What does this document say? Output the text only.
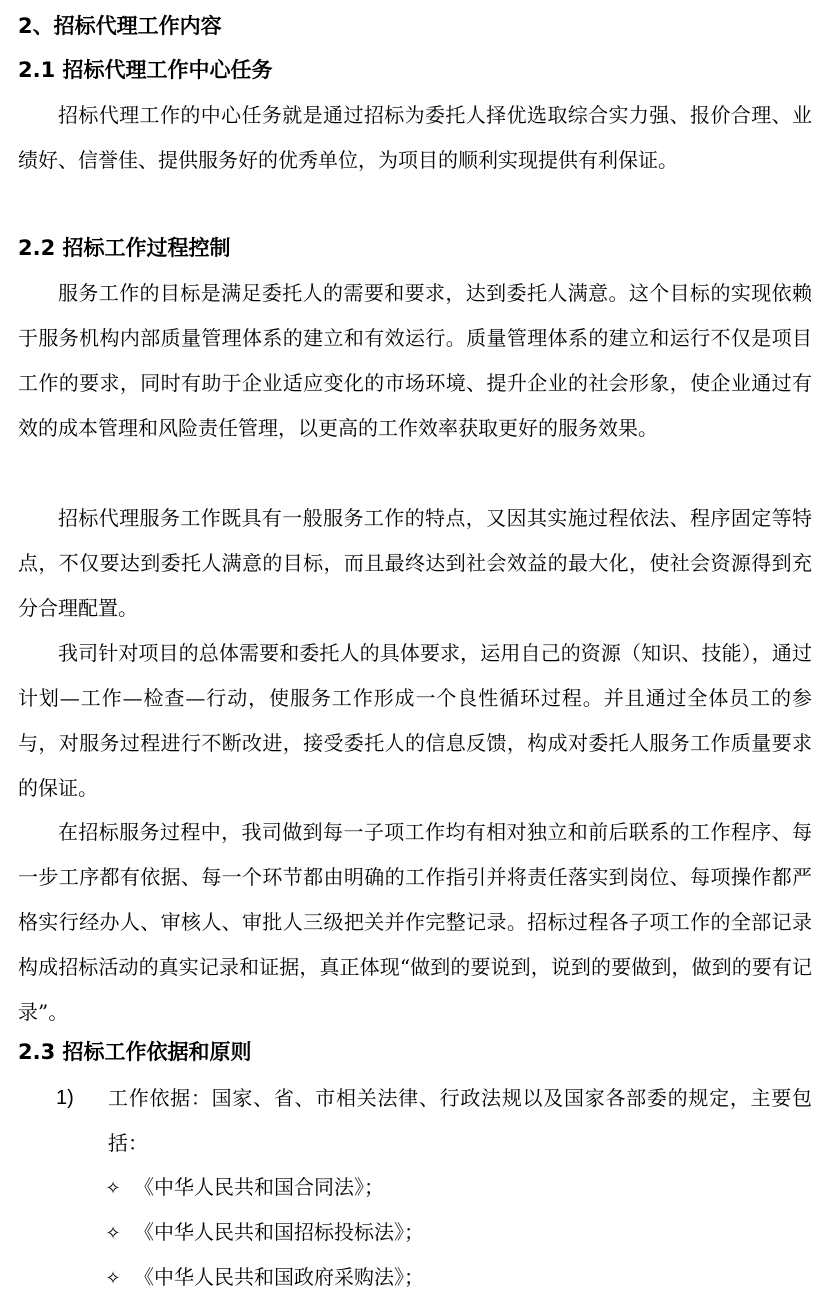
2、招标代理工作内容
2.1 招标代理工作中心任务
招标代理工作的中心任务就是通过招标为委托人择优选取综合实力强、报价合理、业绩好、信誉佳、提供服务好的优秀单位，为项目的顺利实现提供有利保证。
2.2 招标工作过程控制
服务工作的目标是满足委托人的需要和要求，达到委托人满意。这个目标的实现依赖于服务机构内部质量管理体系的建立和有效运行。质量管理体系的建立和运行不仅是项目工作的要求，同时有助于企业适应变化的市场环境、提升企业的社会形象，使企业通过有效的成本管理和风险责任管理，以更高的工作效率获取更好的服务效果。
招标代理服务工作既具有一般服务工作的特点，又因其实施过程依法、程序固定等特点，不仅要达到委托人满意的目标，而且最终达到社会效益的最大化，使社会资源得到充分合理配置。
我司针对项目的总体需要和委托人的具体要求，运用自己的资源（知识、技能），通过计划—工作—检查—行动，使服务工作形成一个良性循环过程。并且通过全体员工的参与，对服务过程进行不断改进，接受委托人的信息反馈，构成对委托人服务工作质量要求的保证。
在招标服务过程中，我司做到每一子项工作均有相对独立和前后联系的工作程序、每一步工序都有依据、每一个环节都由明确的工作指引并将责任落实到岗位、每项操作都严格实行经办人、审核人、审批人三级把关并作完整记录。招标过程各子项工作的全部记录构成招标活动的真实记录和证据，真正体现“做到的要说到，说到的要做到，做到的要有记录”。
2.3 招标工作依据和原则
1) 工作依据：国家、省、市相关法律、行政法规以及国家各部委的规定，主要包括：
✧ 《中华人民共和国合同法》；
✧ 《中华人民共和国招标投标法》；
✧ 《中华人民共和国政府采购法》；
